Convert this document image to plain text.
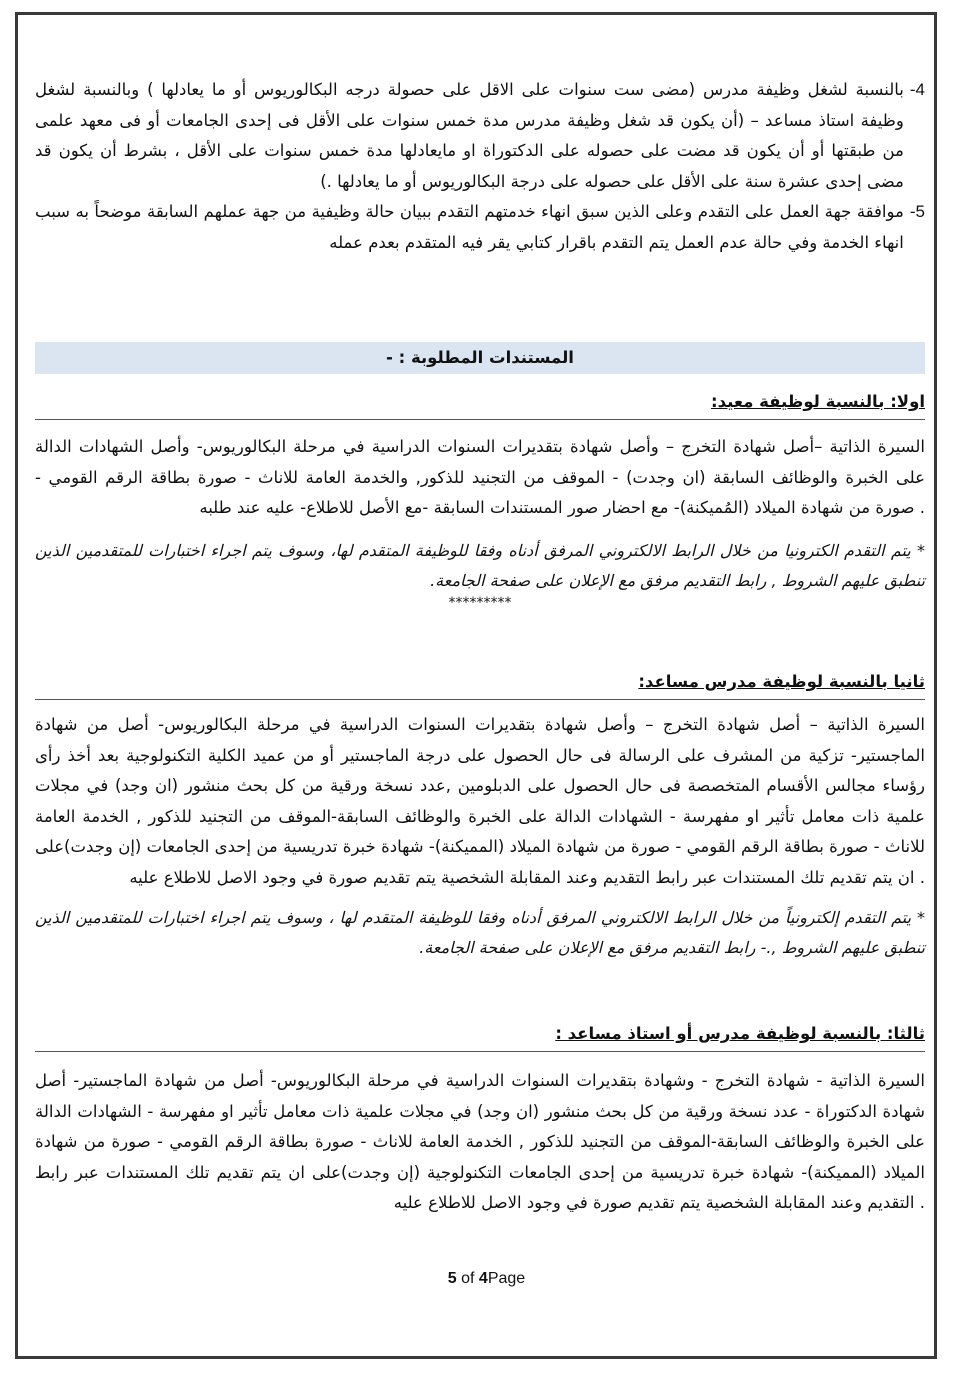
4-
بالنسبة لشغل وظيفة مدرس (مضى ست سنوات على الاقل على حصولة درجه البكالوريوس أو ما يعادلها ) وبالنسبة لشغل وظيفة استاذ مساعد – (أن يكون قد شغل وظيفة مدرس مدة خمس سنوات على الأقل فى إحدى الجامعات أو فى معهد علمى من طبقتها أو أن يكون قد مضت على حصوله على الدكتوراة او مايعادلها مدة خمس سنوات على الأقل ، بشرط أن يكون قد مضى إحدى عشرة سنة على الأقل على حصوله على درجة البكالوريوس أو ما يعادلها .)
5-
موافقة جهة العمل على التقدم وعلى الذين سبق انهاء خدمتهم التقدم ببيان حالة وظيفية من جهة عملهم السابقة موضحاً به سبب انهاء الخدمة وفي حالة عدم العمل يتم التقدم باقرار كتابي يقر فيه المتقدم بعدم عمله
المستندات المطلوبة : -

اولا: بالنسبة لوظيفة معيد:

السيرة الذاتية –أصل شهادة التخرج – وأصل شهادة بتقديرات السنوات الدراسية في مرحلة البكالوريوس- وأصل الشهادات الدالة على الخبرة والوظائف السابقة (ان وجدت) - الموقف من التجنيد للذكور, والخدمة العامة للاناث - صورة بطاقة الرقم القومي - صورة من شهادة الميلاد (المُميكنة)- مع احضار صور المستندات السابقة -مع الأصل للاطلاع- عليه عند طلبه .

* يتم التقدم الكترونيا من خلال الرابط الالكتروني المرفق أدناه وفقا للوظيفة المتقدم لها، وسوف يتم اجراء اختبارات للمتقدمين الذين تنطبق عليهم الشروط , رابط التقديم مرفق مع الإعلان على صفحة الجامعة.

*********

ثانيا بالنسبة لوظيفة مدرس مساعد:

السيرة الذاتية – أصل شهادة التخرج – وأصل شهادة بتقديرات السنوات الدراسية في مرحلة البكالوريوس- أصل من شهادة الماجستير- تزكية من المشرف على الرسالة فى حال الحصول على درجة الماجستير أو من عميد الكلية التكنولوجية بعد أخذ رأى رؤساء مجالس الأقسام المتخصصة فى حال الحصول على الدبلومين ,عدد نسخة ورقية من كل بحث منشور (ان وجد) في مجلات علمية ذات معامل تأثير او مفهرسة - الشهادات الدالة على الخبرة والوظائف السابقة-الموقف من التجنيد للذكور , الخدمة العامة للاناث - صورة بطاقة الرقم القومي - صورة من شهادة الميلاد (المميكنة)- شهادة خبرة تدريسية من إحدى الجامعات (إن وجدت)على ان يتم تقديم تلك المستندات عبر رابط التقديم وعند المقابلة الشخصية يتم تقديم صورة في وجود الاصل للاطلاع عليه .

* يتم التقدم إلكترونياً من خلال الرابط الالكتروني المرفق أدناه وفقا للوظيفة المتقدم لها ، وسوف يتم اجراء اختبارات للمتقدمين الذين تنطبق عليهم الشروط ,.- رابط التقديم مرفق مع الإعلان على صفحة الجامعة.

ثالثا: بالنسبة لوظيفة مدرس أو استاذ مساعد :

السيرة الذاتية - شهادة التخرج - وشهادة بتقديرات السنوات الدراسية في مرحلة البكالوريوس- أصل من شهادة الماجستير- أصل شهادة الدكتوراة - عدد نسخة ورقية من كل بحث منشور (ان وجد) في مجلات علمية ذات معامل تأثير او مفهرسة - الشهادات الدالة على الخبرة والوظائف السابقة-الموقف من التجنيد للذكور , الخدمة العامة للاناث - صورة بطاقة الرقم القومي - صورة من شهادة الميلاد (المميكنة)- شهادة خبرة تدريسية من إحدى الجامعات التكنولوجية (إن وجدت)على ان يتم تقديم تلك المستندات عبر رابط التقديم وعند المقابلة الشخصية يتم تقديم صورة في وجود الاصل للاطلاع عليه .

5 of 4Page
